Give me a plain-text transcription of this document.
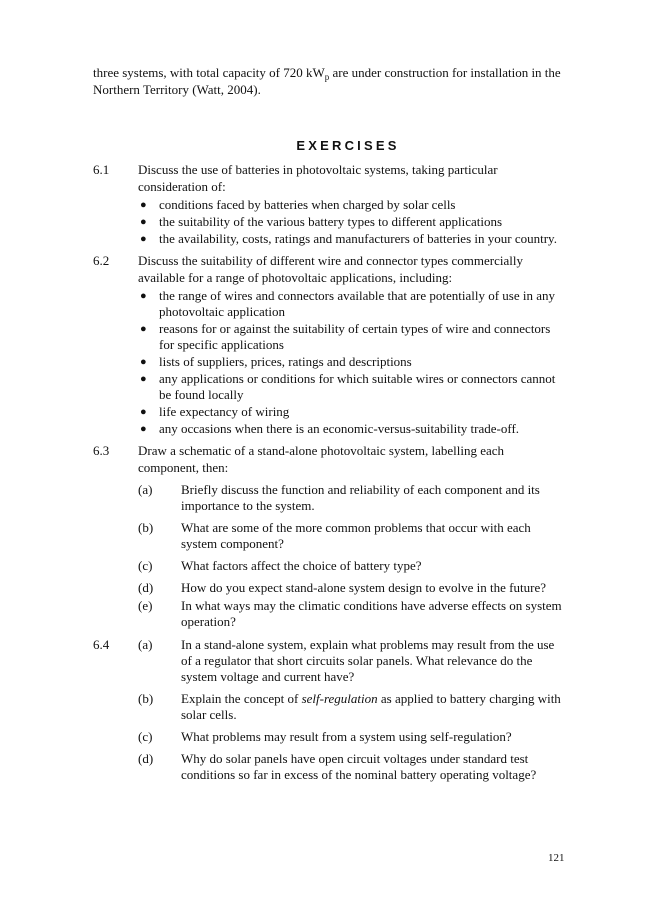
three systems, with total capacity of 720 $kW_p$ are under construction for installation in the Northern Territory (Watt, 2004).

EXERCISES
6.1 Discuss the use of batteries in photovoltaic systems, taking particular consideration of:

● conditions faced by batteries when charged by solar cells
● the suitability of the various battery types to different applications
● the availability, costs, ratings and manufacturers of batteries in your country.
6.2 Discuss the suitability of different wire and connector types commercially available for a range of photovoltaic applications, including:

● the range of wires and connectors available that are potentially of use in any photovoltaic application
● reasons for or against the suitability of certain types of wire and connectors for specific applications
● lists of suppliers, prices, ratings and descriptions
● any applications or conditions for which suitable wires or connectors cannot be found locally
● life expectancy of wiring
● any occasions when there is an economic-versus-suitability trade-off.
6.3 Draw a schematic of a stand-alone photovoltaic system, labelling each component, then:

(a) Briefly discuss the function and reliability of each component and its importance to the system.
(b) What are some of the more common problems that occur with each system component?
(c) What factors affect the choice of battery type?
(d) How do you expect stand-alone system design to evolve in the future?
(e) In what ways may the climatic conditions have adverse effects on system operation?
6.4 (a) In a stand-alone system, explain what problems may result from the use of a regulator that short circuits solar panels. What relevance do the system voltage and current have?
(b) Explain the concept of self-regulation as applied to battery charging with solar cells.
(c) What problems may result from a system using self-regulation?
(d) Why do solar panels have open circuit voltages under standard test conditions so far in excess of the nominal battery operating voltage?
121
